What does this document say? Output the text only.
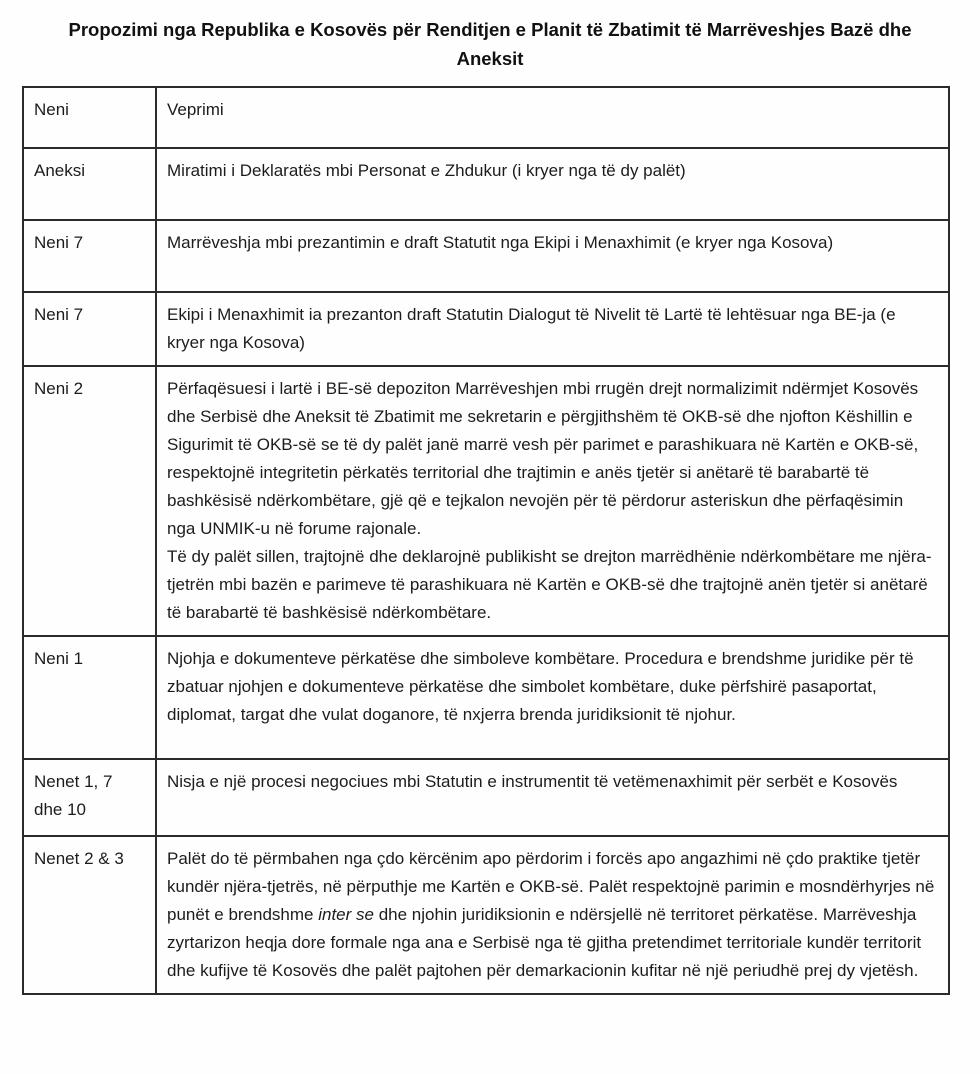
Propozimi nga Republika e Kosovës për Renditjen e Planit të Zbatimit të Marrëveshjes Bazë dhe
Aneksit
Neni	Veprimi
Aneksi	Miratimi i Deklaratës mbi Personat e Zhdukur (i kryer nga të dy palët)

Neni 7	Marrëveshja mbi prezantimin e draft Statutit nga Ekipi i Menaxhimit (e kryer nga Kosova)

Neni 7	Ekipi i Menaxhimit ia prezanton draft Statutin Dialogut të Nivelit të Lartë të lehtësuar nga BE-ja (e kryer nga Kosova)

Neni 2	Përfaqësuesi i lartë i BE-së depoziton Marrëveshjen mbi rrugën drejt normalizimit ndërmjet Kosovës dhe Serbisë dhe Aneksit të Zbatimit me sekretarin e përgjithshëm të OKB-së dhe njofton Këshillin e Sigurimit të OKB-së se të dy palët janë marrë vesh për parimet e parashikuara në Kartën e OKB-së, respektojnë integritetin përkatës territorial dhe trajtimin e anës tjetër si anëtarë të barabartë të bashkësisë ndërkombëtare, gjë që e tejkalon nevojën për të përdorur asteriskun dhe përfaqësimin nga UNMIK-u në forume rajonale.

Të dy palët sillen, trajtojnë dhe deklarojnë publikisht se drejton marrëdhënie ndërkombëtare me njëra-tjetrën mbi bazën e parimeve të parashikuara në Kartën e OKB-së dhe trajtojnë anën tjetër si anëtarë të barabartë të bashkësisë ndërkombëtare.

Neni 1	Njohja e dokumenteve përkatëse dhe simboleve kombëtare. Procedura e brendshme juridike për të zbatuar njohjen e dokumenteve përkatëse dhe simbolet kombëtare, duke përfshirë pasaportat, diplomat, targat dhe vulat doganore, të nxjerra brenda juridiksionit të njohur.

Nenet 1, 7 dhe 10	Nisja e një procesi negociues mbi Statutin e instrumentit të vetëmenaxhimit për serbët e Kosovës

Nenet 2 & 3	Palët do të përmbahen nga çdo kërcënim apo përdorim i forcës apo angazhimi në çdo praktike tjetër kundër njëra-tjetrës, në përputhje me Kartën e OKB-së. Palët respektojnë parimin e mosndërhyrjes në punët e brendshme inter se dhe njohin juridiksionin e ndërsjellë në territoret përkatëse. Marrëveshja zyrtarizon heqja dore formale nga ana e Serbisë nga të gjitha pretendimet territoriale kundër territorit dhe kufijve të Kosovës dhe palët pajtohen për demarkacionin kufitar në një periudhë prej dy vjetësh.
